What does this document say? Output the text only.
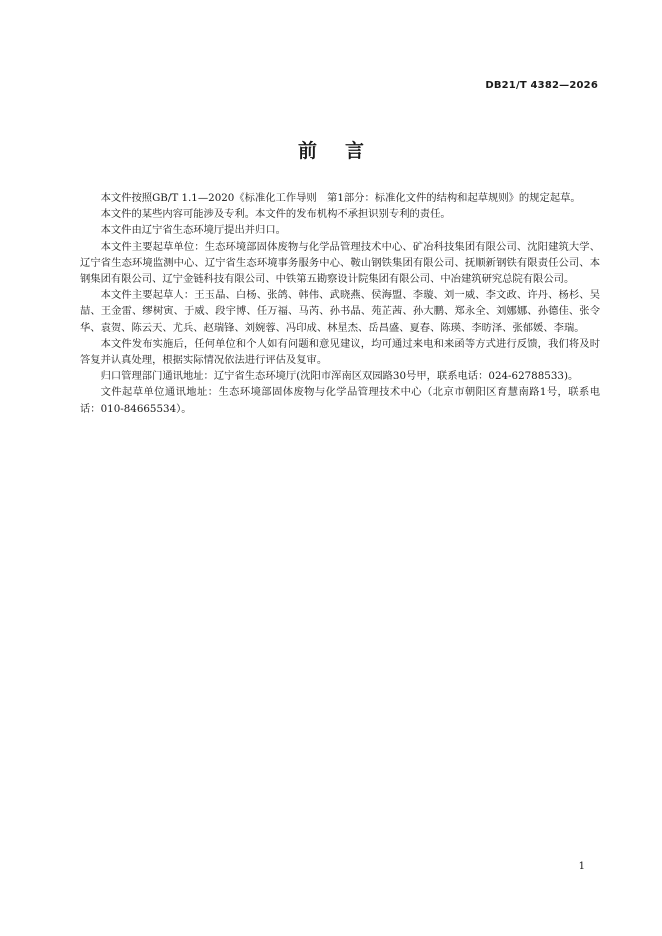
DB21/T 4382—2026
前言

本文件按照GB/T 1.1—2020《标准化工作导则　第1部分：标准化文件的结构和起草规则》的规定起草。

本文件的某些内容可能涉及专利。本文件的发布机构不承担识别专利的责任。

本文件由辽宁省生态环境厅提出并归口。

本文件主要起草单位：生态环境部固体废物与化学品管理技术中心、矿冶科技集团有限公司、沈阳建筑大学、辽宁省生态环境监测中心、辽宁省生态环境事务服务中心、鞍山钢铁集团有限公司、抚顺新钢铁有限责任公司、本钢集团有限公司、辽宁金链科技有限公司、中铁第五勘察设计院集团有限公司、中冶建筑研究总院有限公司。

本文件主要起草人：王玉晶、白杨、张鸽、韩伟、武晓燕、侯海盟、李璇、刘一威、李文政、许丹、杨杉、吴喆、王金雷、缪树寅、于威、段宇博、任万福、马芮、孙书晶、苑芷茜、孙大鹏、郑永全、刘娜娜、孙德佳、张令华、袁贺、陈云天、尤兵、赵瑞锋、刘婉蓉、冯印成、林星杰、岳昌盛、夏春、陈瑛、李昉泽、张郁媛、李瑞。

本文件发布实施后，任何单位和个人如有问题和意见建议，均可通过来电和来函等方式进行反馈，我们将及时答复并认真处理，根据实际情况依法进行评估及复审。

归口管理部门通讯地址：辽宁省生态环境厅(沈阳市浑南区双园路30号甲，联系电话：024-62788533)。

文件起草单位通讯地址：生态环境部固体废物与化学品管理技术中心（北京市朝阳区育慧南路1号，联系电话：010-84665534）。

1
